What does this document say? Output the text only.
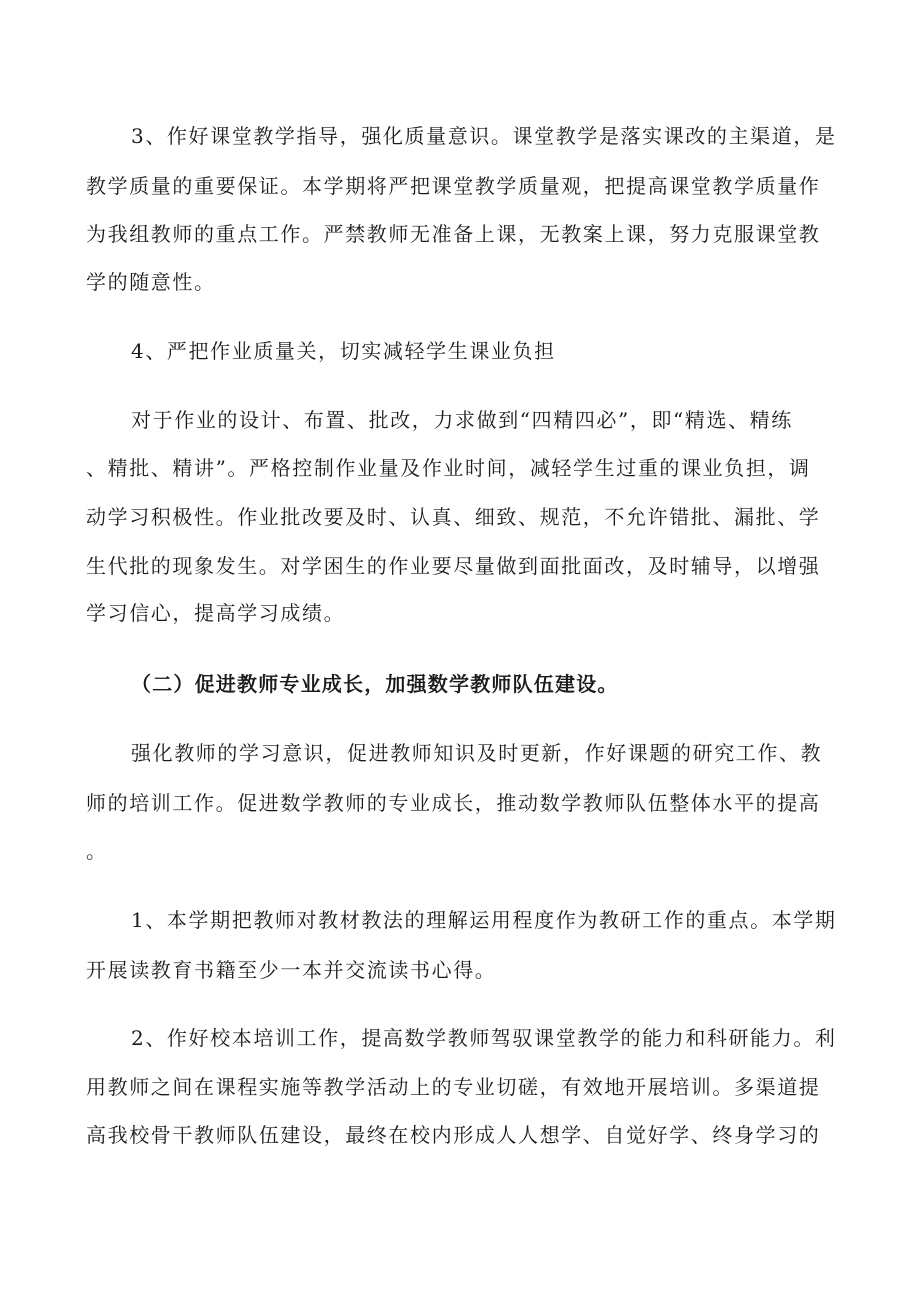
3、作好课堂教学指导，强化质量意识。课堂教学是落实课改的主渠道，是
教学质量的重要保证。本学期将严把课堂教学质量观，把提高课堂教学质量作
为我组教师的重点工作。严禁教师无准备上课，无教案上课，努力克服课堂教
学的随意性。
4、严把作业质量关，切实减轻学生课业负担
对于作业的设计、布置、批改，力求做到“四精四必”，即“精选、精练
、精批、精讲”。严格控制作业量及作业时间，减轻学生过重的课业负担，调
动学习积极性。作业批改要及时、认真、细致、规范，不允许错批、漏批、学
生代批的现象发生。对学困生的作业要尽量做到面批面改，及时辅导，以增强
学习信心，提高学习成绩。
（二）促进教师专业成长，加强数学教师队伍建设。
强化教师的学习意识，促进教师知识及时更新，作好课题的研究工作、教
师的培训工作。促进数学教师的专业成长，推动数学教师队伍整体水平的提高
。
1、本学期把教师对教材教法的理解运用程度作为教研工作的重点。本学期
开展读教育书籍至少一本并交流读书心得。
2、作好校本培训工作，提高数学教师驾驭课堂教学的能力和科研能力。利
用教师之间在课程实施等教学活动上的专业切磋，有效地开展培训。多渠道提
高我校骨干教师队伍建设，最终在校内形成人人想学、自觉好学、终身学习的
